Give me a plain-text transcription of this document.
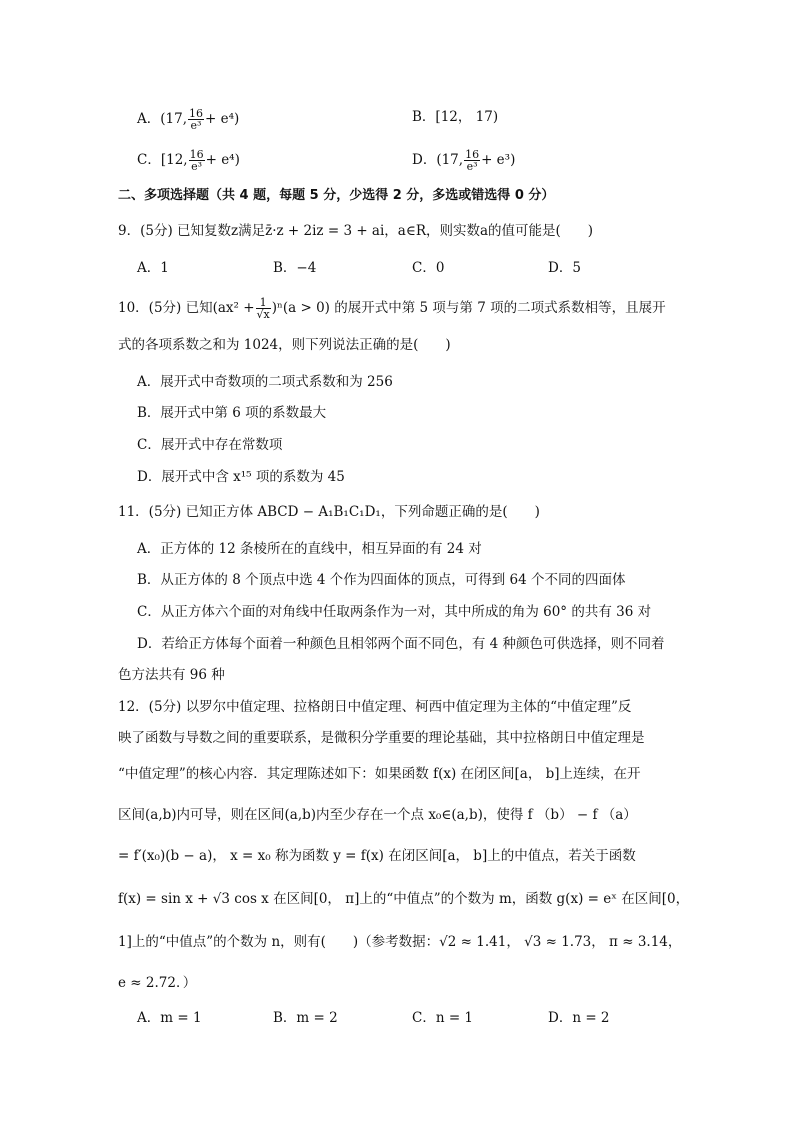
A．(17, $\frac{16}{\text{e³}} + e^4$)	B．[12， 17)
C．[12, $\frac{16}{\text{e³}} + e^4$)	D．(17, $\frac{16}{\text{e³}} + e^3$)
二、多项选择题（共 4 题，每题 5 分，少选得 2 分，多选或错选得 0 分）
9．(5分) 已知复数z满足z̄·z + 2iz = 3 + ai，a∈R，则实数a的值可能是(　　)
A．1	B．−4	C．0	D．5
10．(5分) 已知$(ax^2 + \frac{1}{√x} )^n(a > 0)$ 的展开式中第 5 项与第 7 项的二项式系数相等，且展开
式的各项系数之和为 1024，则下列说法正确的是(　　)
A．展开式中奇数项的二项式系数和为 256
B．展开式中第 6 项的系数最大
C．展开式中存在常数项
D．展开式中含 x¹⁵ 项的系数为 45
11．(5分) 已知正方体 ABCD − A₁B₁C₁D₁，下列命题正确的是(　　)
A．正方体的 12 条棱所在的直线中，相互异面的有 24 对
B．从正方体的 8 个顶点中选 4 个作为四面体的顶点，可得到 64 个不同的四面体
C．从正方体六个面的对角线中任取两条作为一对，其中所成的角为 60° 的共有 36 对
D．若给正方体每个面着一种颜色且相邻两个面不同色，有 4 种颜色可供选择，则不同着
色方法共有 96 种
12．(5分) 以罗尔中值定理、拉格朗日中值定理、柯西中值定理为主体的“中值定理”反
映了函数与导数之间的重要联系，是微积分学重要的理论基础，其中拉格朗日中值定理是
“中值定理”的核心内容．其定理陈述如下：如果函数 f(x) 在闭区间[a， b]上连续，在开
区间(a,b)内可导，则在区间(a,b)内至少存在一个点 x₀∈(a,b)，使得 f （b） − f （a）
= f′(x₀)(b − a)， x = x₀ 称为函数 y = f(x) 在闭区间[a， b]上的中值点，若关于函数
f(x) = sin x + √3 cos x 在区间[0， π]上的“中值点”的个数为 m，函数 g(x) = eˣ 在区间[0，
1]上的“中值点”的个数为 n，则有(　　)（参考数据：√2 ≈ 1.41， √3 ≈ 1.73， π ≈ 3.14，
e ≈ 2.72．）
A．m = 1	B．m = 2	C．n = 1	D．n = 2
